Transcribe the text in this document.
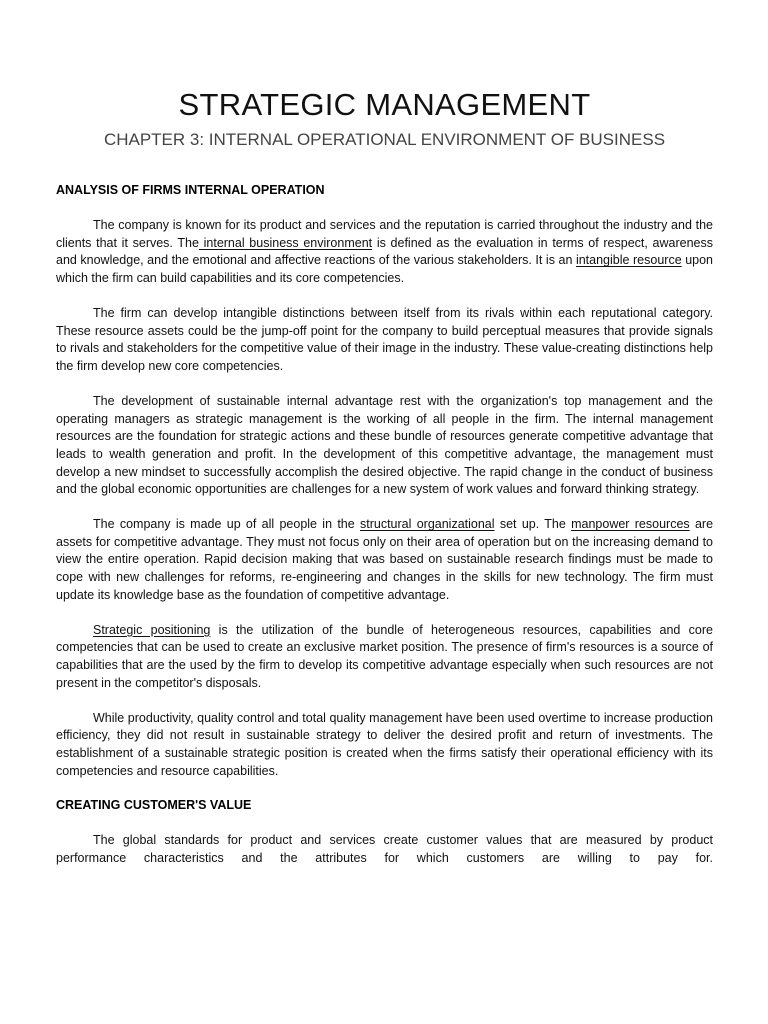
STRATEGIC MANAGEMENT
CHAPTER 3: INTERNAL OPERATIONAL ENVIRONMENT OF BUSINESS
ANALYSIS OF FIRMS INTERNAL OPERATION

The company is known for its product and services and the reputation is carried throughout the industry and the clients that it serves. The internal business environment is defined as the evaluation in terms of respect, awareness and knowledge, and the emotional and affective reactions of the various stakeholders. It is an intangible resource upon which the firm can build capabilities and its core competencies.

The firm can develop intangible distinctions between itself from its rivals within each reputational category. These resource assets could be the jump-off point for the company to build perceptual measures that provide signals to rivals and stakeholders for the competitive value of their image in the industry. These value-creating distinctions help the firm develop new core competencies.

The development of sustainable internal advantage rest with the organization's top management and the operating managers as strategic management is the working of all people in the firm. The internal management resources are the foundation for strategic actions and these bundle of resources generate competitive advantage that leads to wealth generation and profit. In the development of this competitive advantage, the management must develop a new mindset to successfully accomplish the desired objective. The rapid change in the conduct of business and the global economic opportunities are challenges for a new system of work values and forward thinking strategy.

The company is made up of all people in the structural organizational set up. The manpower resources are assets for competitive advantage. They must not focus only on their area of operation but on the increasing demand to view the entire operation. Rapid decision making that was based on sustainable research findings must be made to cope with new challenges for reforms, re-engineering and changes in the skills for new technology. The firm must update its knowledge base as the foundation of competitive advantage.

Strategic positioning is the utilization of the bundle of heterogeneous resources, capabilities and core competencies that can be used to create an exclusive market position. The presence of firm's resources is a source of capabilities that are the used by the firm to develop its competitive advantage especially when such resources are not present in the competitor's disposals.

While productivity, quality control and total quality management have been used overtime to increase production efficiency, they did not result in sustainable strategy to deliver the desired profit and return of investments. The establishment of a sustainable strategic position is created when the firms satisfy their operational efficiency with its competencies and resource capabilities.

CREATING CUSTOMER'S VALUE

The global standards for product and services create customer values that are measured by product performance characteristics and the attributes for which customers are willing to pay for.
